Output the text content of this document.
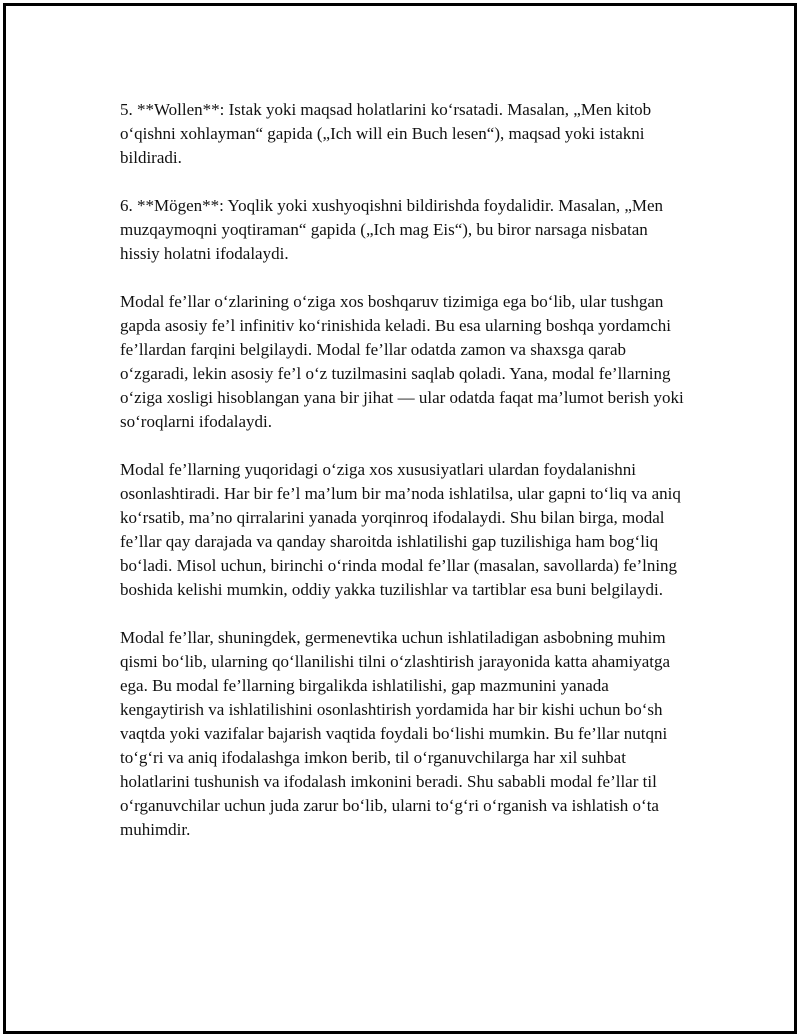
5. **Wollen**: Istak yoki maqsad holatlarini koʻrsatadi. Masalan, „Men kitob oʻqishni xohlayman“ gapida („Ich will ein Buch lesen“), maqsad yoki istakni bildiradi.

6. **Mögen**: Yoqlik yoki xushyoqishni bildirishda foydalidir. Masalan, „Men muzqaymoqni yoqtiraman“ gapida („Ich mag Eis“), bu biror narsaga nisbatan hissiy holatni ifodalaydi.

Modal fe’llar oʻzlarining oʻziga xos boshqaruv tizimiga ega boʻlib, ular tushgan gapda asosiy fe’l infinitiv koʻrinishida keladi. Bu esa ularning boshqa yordamchi fe’llardan farqini belgilaydi. Modal fe’llar odatda zamon va shaxsga qarab oʻzgaradi, lekin asosiy fe’l oʻz tuzilmasini saqlab qoladi. Yana, modal fe’llarning oʻziga xosligi hisoblangan yana bir jihat — ular odatda faqat ma’lumot berish yoki soʻroqlarni ifodalaydi.

Modal fe’llarning yuqoridagi oʻziga xos xususiyatlari ulardan foydalanishni osonlashtiradi. Har bir fe’l ma’lum bir ma’noda ishlatilsa, ular gapni toʻliq va aniq koʻrsatib, ma’no qirralarini yanada yorqinroq ifodalaydi. Shu bilan birga, modal fe’llar qay darajada va qanday sharoitda ishlatilishi gap tuzilishiga ham bogʻliq boʻladi. Misol uchun, birinchi oʻrinda modal fe’llar (masalan, savollarda) fe’lning boshida kelishi mumkin, oddiy yakka tuzilishlar va tartiblar esa buni belgilaydi.

Modal fe’llar, shuningdek, germenevtika uchun ishlatiladigan asbobning muhim qismi boʻlib, ularning qoʻllanilishi tilni oʻzlashtirish jarayonida katta ahamiyatga ega. Bu modal fe’llarning birgalikda ishlatilishi, gap mazmunini yanada kengaytirish va ishlatilishini osonlashtirish yordamida har bir kishi uchun boʻsh vaqtda yoki vazifalar bajarish vaqtida foydali boʻlishi mumkin. Bu fe’llar nutqni toʻgʻri va aniq ifodalashga imkon berib, til oʻrganuvchilarga har xil suhbat holatlarini tushunish va ifodalash imkonini beradi. Shu sababli modal fe’llar til oʻrganuvchilar uchun juda zarur boʻlib, ularni toʻgʻri oʻrganish va ishlatish oʻta muhimdir.
